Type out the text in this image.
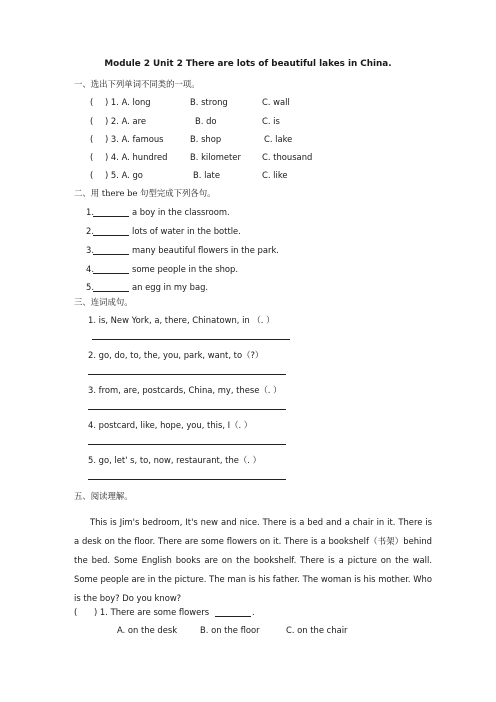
Module 2 Unit 2 There are lots of beautiful lakes in China.
一、选出下列单词不同类的一项。
( ) 1. A. long	B. strong	C. wall
( ) 2. A. are	B. do	C. is
( ) 3. A. famous	B. shop	C. lake
( ) 4. A. hundred	B. kilometer	C. thousand
( ) 5. A. go	B. late	C. like
二、用 there be 句型完成下列各句。
1.	a boy in the classroom.
2.	lots of water in the bottle.
3.	many beautiful flowers in the park.
4.	some people in the shop.
5.	an egg in my bag.
三、连词成句。
1. is, New York, a, there, Chinatown, in （. ）
2. go, do, to, the, you, park, want, to（?）
3. from, are, postcards, China, my, these（. ）
4. postcard, like, hope, you, this, I（. ）
5. go, let' s, to, now, restaurant, the（. ）
五、阅读理解。
This is Jim's bedroom, It's new and nice. There is a bed and a chair in it. There is a desk on the floor. There are some flowers on it. There is a bookshelf（书架）behind the bed. Some English books are on the bookshelf. There is a picture on the wall. Some people are in the picture. The man is his father. The woman is his mother. Who is the boy? Do you know?
( ) 1. There are some flowers	.
A. on the desk	B. on the floor	C. on the chair
